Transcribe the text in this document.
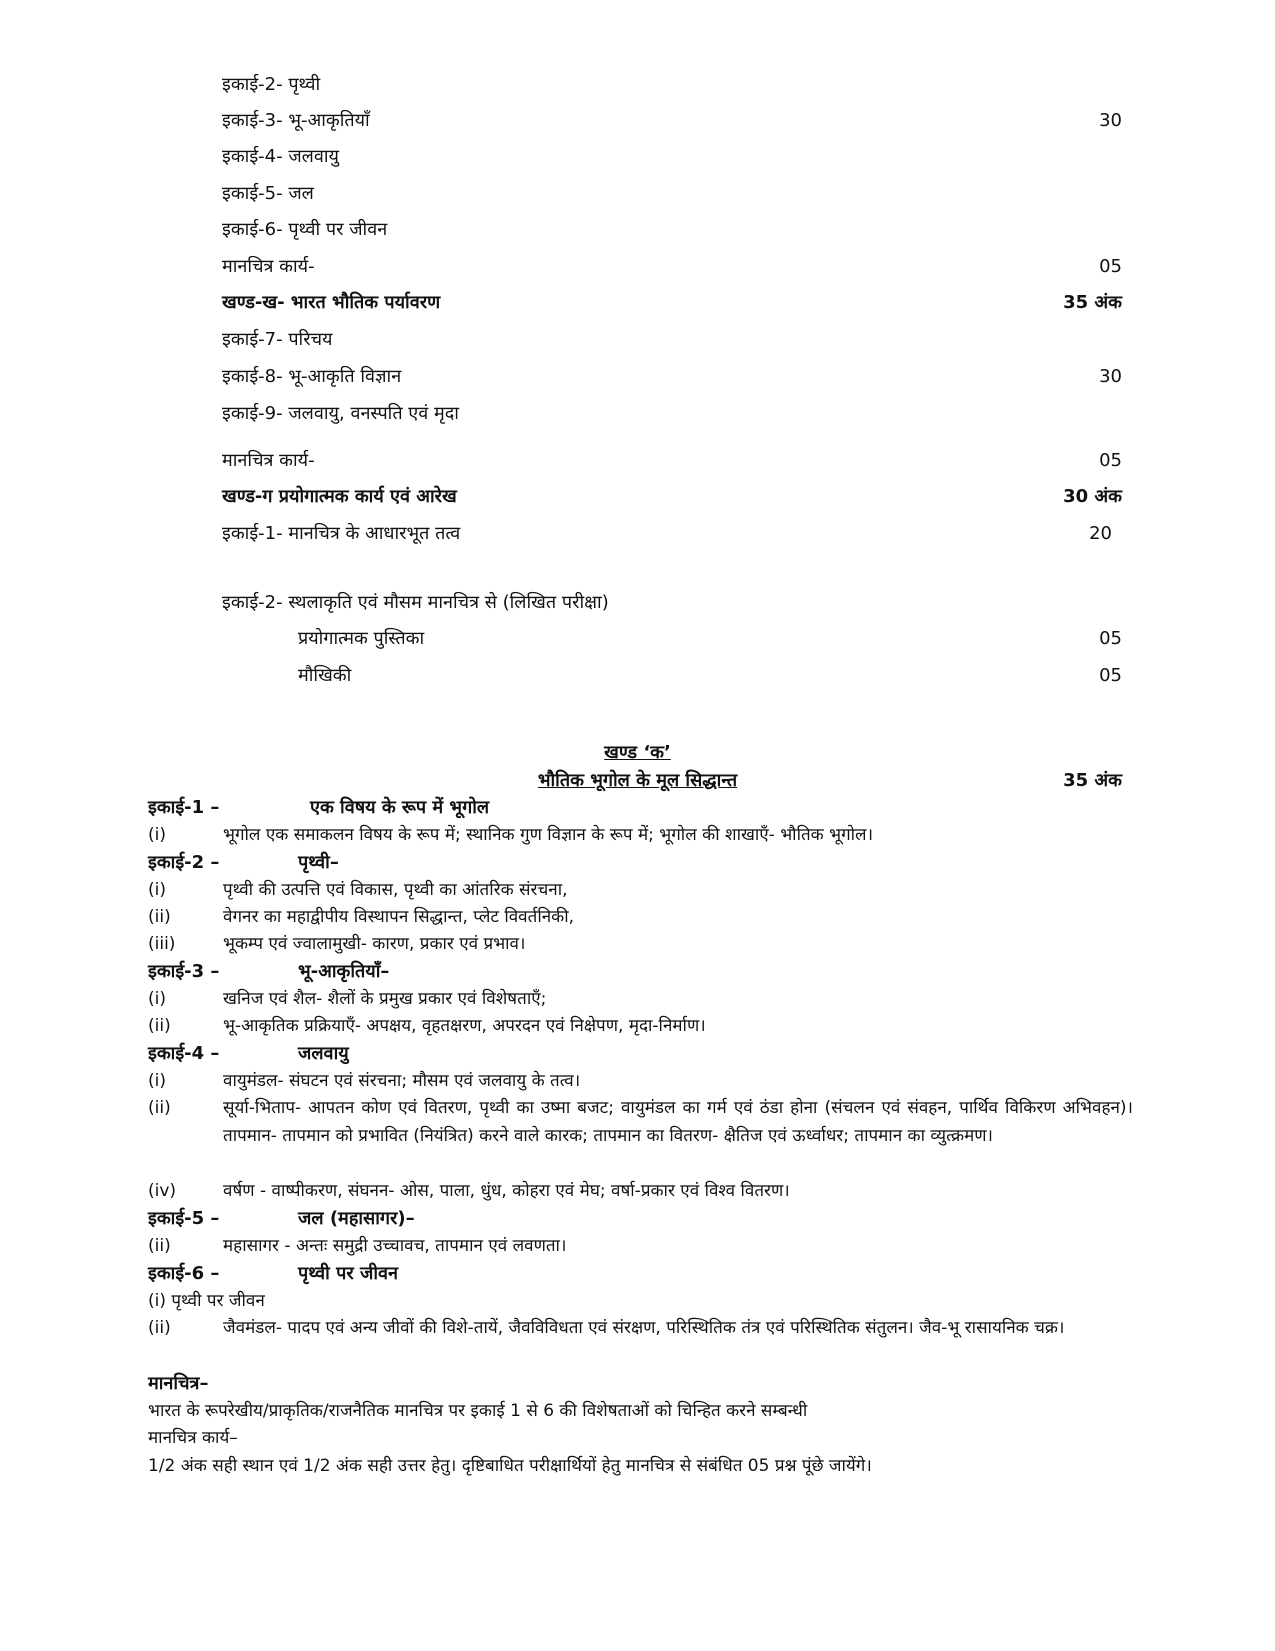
इकाई-2- पृथ्वी
इकाई-3- भू-आकृतियाँ	30
इकाई-4- जलवायु
इकाई-5- जल
इकाई-6- पृथ्वी पर जीवन
मानचित्र कार्य-	05
खण्ड-ख- भारत भौतिक पर्यावरण	35 अंक
इकाई-7- परिचय
इकाई-8- भू-आकृति विज्ञान	30
इकाई-9- जलवायु, वनस्पति एवं मृदा
मानचित्र कार्य-	05
खण्ड-ग प्रयोगात्मक कार्य एवं आरेख	30 अंक
इकाई-1- मानचित्र के आधारभूत तत्व	20
इकाई-2- स्थलाकृति एवं मौसम मानचित्र से (लिखित परीक्षा)
प्रयोगात्मक पुस्तिका	05
मौखिकी	05
खण्ड ‘क’
भौतिक भूगोल के मूल सिद्धान्त	35 अंक
इकाई-1 –	एक विषय के रूप में भूगोल
(i)	भूगोल एक समाकलन विषय के रूप में; स्थानिक गुण विज्ञान के रूप में; भूगोल की शाखाएँ- भौतिक भूगोल।
इकाई-2 –	पृथ्वी–
(i)	पृथ्वी की उत्पत्ति एवं विकास, पृथ्वी का आंतरिक संरचना,
(ii)	वेगनर का महाद्वीपीय विस्थापन सिद्धान्त, प्लेट विवर्तनिकी,
(iii)	भूकम्प एवं ज्वालामुखी- कारण, प्रकार एवं प्रभाव।
इकाई-3 –	भू-आकृतियाँ–
(i)	खनिज एवं शैल- शैलों के प्रमुख प्रकार एवं विशेषताएँ;
(ii)	भू-आकृतिक प्रक्रियाएँ- अपक्षय, वृहतक्षरण, अपरदन एवं निक्षेपण, मृदा-निर्माण।
इकाई-4 –	जलवायु
(i)	वायुमंडल- संघटन एवं संरचना; मौसम एवं जलवायु के तत्व।
(ii)	सूर्या-भिताप- आपतन कोण एवं वितरण, पृथ्वी का उष्मा बजट; वायुमंडल का गर्म एवं ठंडा होना (संचलन एवं संवहन, पार्थिव विकिरण अभिवहन)। तापमान- तापमान को प्रभावित (नियंत्रित) करने वाले कारक; तापमान का वितरण- क्षैतिज एवं ऊर्ध्वाधर; तापमान का व्युत्क्रमण।
(iv)	वर्षण - वाष्पीकरण, संघनन- ओस, पाला, धुंध, कोहरा एवं मेघ; वर्षा-प्रकार एवं विश्व वितरण।
इकाई-5 –	जल (महासागर)–
(ii)	महासागर - अन्तः समुद्री उच्चावच, तापमान एवं लवणता।
इकाई-6 –	पृथ्वी पर जीवन
(i) पृथ्वी पर जीवन
(ii)	जैवमंडल- पादप एवं अन्य जीवों की विशे-तायें, जैवविविधता एवं संरक्षण, परिस्थितिक तंत्र एवं परिस्थितिक संतुलन। जैव-भू रासायनिक चक्र।
मानचित्र–
भारत के रूपरेखीय/प्राकृतिक/राजनैतिक मानचित्र पर इकाई 1 से 6 की विशेषताओं को चिन्हित करने सम्बन्धी
मानचित्र कार्य–
1/2 अंक सही स्थान एवं 1/2 अंक सही उत्तर हेतु। दृष्टिबाधित परीक्षार्थियों हेतु मानचित्र से संबंधित 05 प्रश्न पूंछे जायेंगे।
